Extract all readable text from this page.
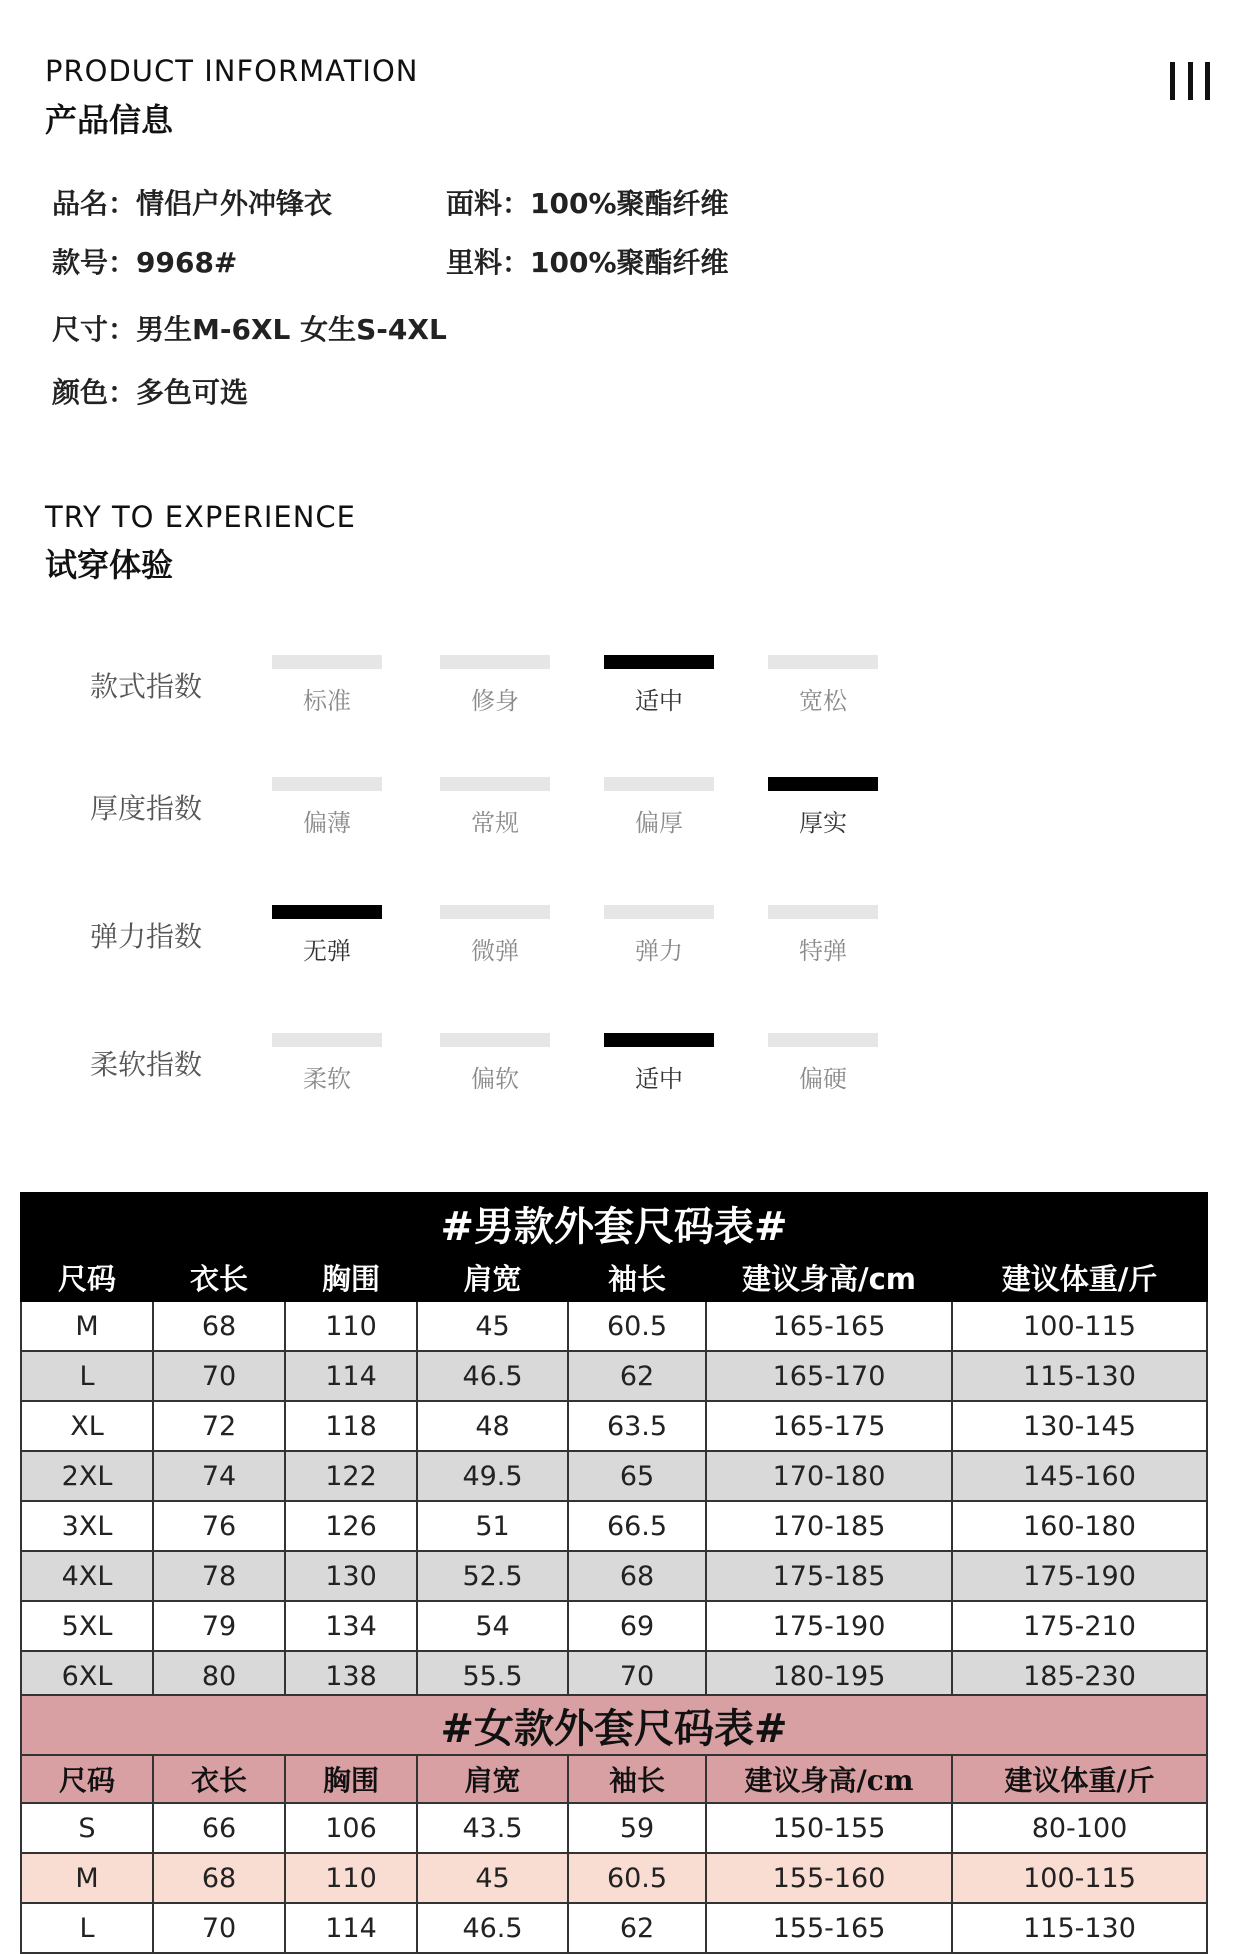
PRODUCT INFORMATION
产品信息
品名：情侣户外冲锋衣	面料：100%聚酯纤维
款号：9968#	里料：100%聚酯纤维
尺寸：男生M-6XL 女生S-4XL
颜色：多色可选
TRY TO EXPERIENCE
试穿体验
款式指数	标准	修身	适中	宽松
厚度指数	偏薄	常规	偏厚	厚实
弹力指数	无弹	微弹	弹力	特弹
柔软指数	柔软	偏软	适中	偏硬
#男款外套尺码表#						
尺码	衣长	胸围	肩宽	袖长	建议身高/cm	建议体重/斤
M	68	110	45	60.5	165-165	100-115
L	70	114	46.5	62	165-170	115-130
XL	72	118	48	63.5	165-175	130-145
2XL	74	122	49.5	65	170-180	145-160
3XL	76	126	51	66.5	170-185	160-180
4XL	78	130	52.5	68	175-185	175-190
5XL	79	134	54	69	175-190	175-210
6XL	80	138	55.5	70	180-195	185-230
#女款外套尺码表#						
尺码	衣长	胸围	肩宽	袖长	建议身高/cm	建议体重/斤
S	66	106	43.5	59	150-155	80-100
M	68	110	45	60.5	155-160	100-115
L	70	114	46.5	62	155-165	115-130
